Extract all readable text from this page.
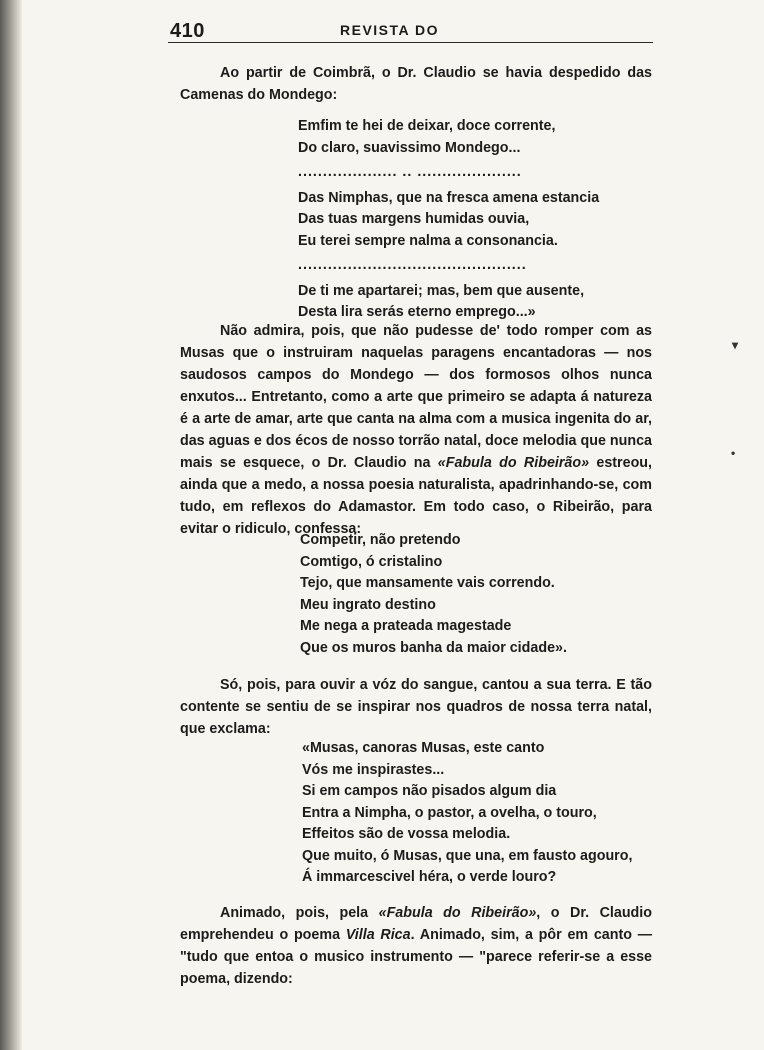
410	REVISTA DO

Ao partir de Coimbrã, o Dr. Claudio se havia despedido das Camenas do Mondego:

Emfim te hei de deixar, doce corrente,
Do claro, suavissimo Mondego...
.................... .. .....................
Das Nimphas, que na fresca amena estancia
Das tuas margens humidas ouvia,
Eu terei sempre nalma a consonancia.
..............................................
De ti me apartarei; mas, bem que ausente,
Desta lira serás eterno emprego...»

Não admira, pois, que não pudesse de' todo romper com as Musas que o instruiram naquelas paragens encantadoras — nos saudosos campos do Mondego — dos formosos olhos nunca enxutos... Entretanto, como a arte que primeiro se adapta á natureza é a arte de amar, arte que canta na alma com a musica ingenita do ar, das aguas e dos écos de nosso torrão natal, doce melodia que nunca mais se esquece, o Dr. Claudio na «Fabula do Ribeirão» estreou, ainda que a medo, a nossa poesia naturalista, apadrinhando-se, com tudo, em reflexos do Adamastor. Em todo caso, o Ribeirão, para evitar o ridiculo, confessa:

Competir, não pretendo
Comtigo, ó cristalino
Tejo, que mansamente vais correndo.
Meu ingrato destino
Me nega a prateada magestade
Que os muros banha da maior cidade».

Só, pois, para ouvir a vóz do sangue, cantou a sua terra. E tão contente se sentiu de se inspirar nos quadros de nossa terra natal, que exclama:

«Musas, canoras Musas, este canto
Vós me inspirastes...
Si em campos não pisados algum dia
Entra a Nimpha, o pastor, a ovelha, o touro,
Effeitos são de vossa melodia.
Que muito, ó Musas, que una, em fausto agouro,
Á immarcescivel héra, o verde louro?

Animado, pois, pela «Fabula do Ribeirão», o Dr. Claudio emprehendeu o poema Villa Rica. Animado, sim, a pôr em canto — "tudo que entoa o musico instrumento — "parece referir-se a esse poema, dizendo:

▾
•
